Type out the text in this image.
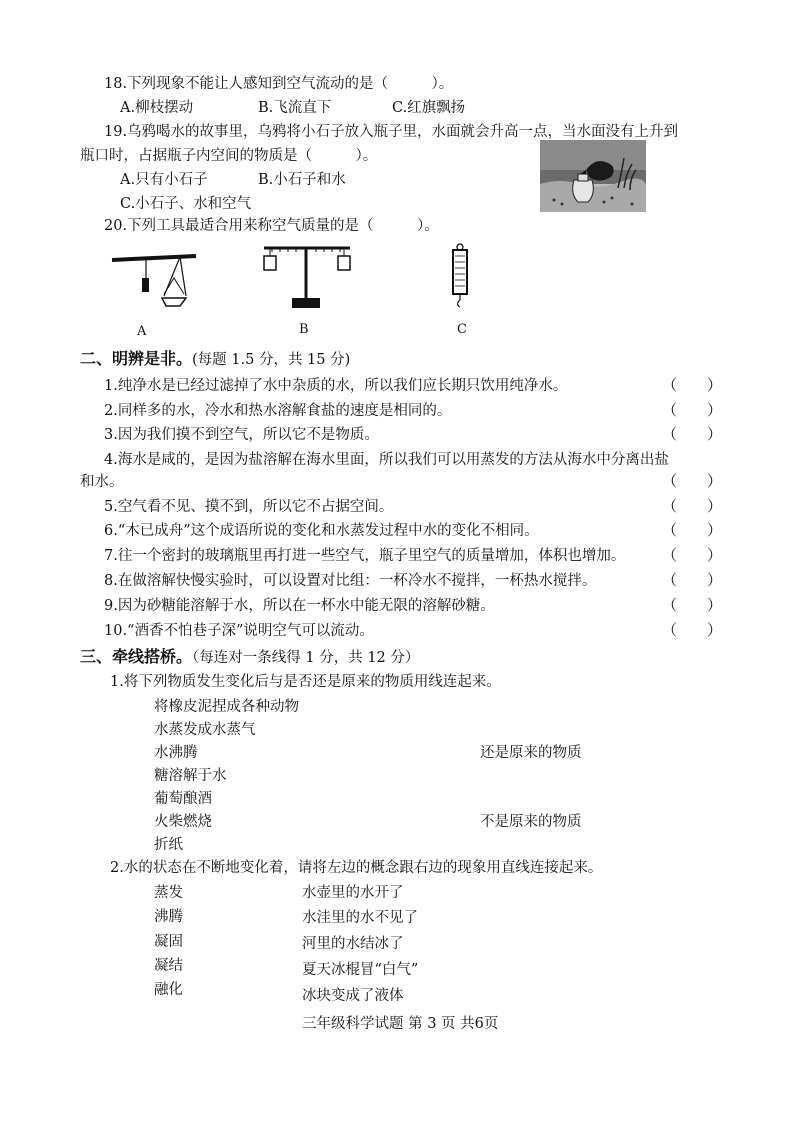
18.下列现象不能让人感知到空气流动的是（　　　）。
A.柳枝摆动	B.飞流直下	C.红旗飘扬
19.乌鸦喝水的故事里，乌鸦将小石子放入瓶子里，水面就会升高一点，当水面没有上升到
瓶口时，占据瓶子内空间的物质是（　　　）。
A.只有小石子	B.小石子和水
C.小石子、水和空气
20.下列工具最适合用来称空气质量的是（　　　）。
A	B	C
二、明辨是非。(每题 1.5 分，共 15 分)
1.纯净水是已经过滤掉了水中杂质的水，所以我们应长期只饮用纯净水。	（　　）
2.同样多的水，冷水和热水溶解食盐的速度是相同的。	（　　）
3.因为我们摸不到空气，所以它不是物质。	（　　）
4.海水是咸的，是因为盐溶解在海水里面，所以我们可以用蒸发的方法从海水中分离出盐
和水。	（　　）
5.空气看不见、摸不到，所以它不占据空间。	（　　）
6.“木已成舟”这个成语所说的变化和水蒸发过程中水的变化不相同。	（　　）
7.往一个密封的玻璃瓶里再打进一些空气，瓶子里空气的质量增加，体积也增加。 （　　）
8.在做溶解快慢实验时，可以设置对比组：一杯冷水不搅拌，一杯热水搅拌。	（　　）
9.因为砂糖能溶解于水，所以在一杯水中能无限的溶解砂糖。	（　　）
10.“酒香不怕巷子深”说明空气可以流动。	（　　）
三、牵线搭桥。（每连对一条线得 1 分，共 12 分）
1.将下列物质发生变化后与是否还是原来的物质用线连起来。
将橡皮泥捏成各种动物
水蒸发成水蒸气
水沸腾
糖溶解于水
葡萄酿酒
火柴燃烧
折纸
还是原来的物质
不是原来的物质
2.水的状态在不断地变化着，请将左边的概念跟右边的现象用直线连接起来。
蒸发
沸腾
凝固
凝结
融化
水壶里的水开了
水洼里的水不见了
河里的水结冰了
夏天冰棍冒“白气”
冰块变成了液体
三年级科学试题 第 3 页 共6页
